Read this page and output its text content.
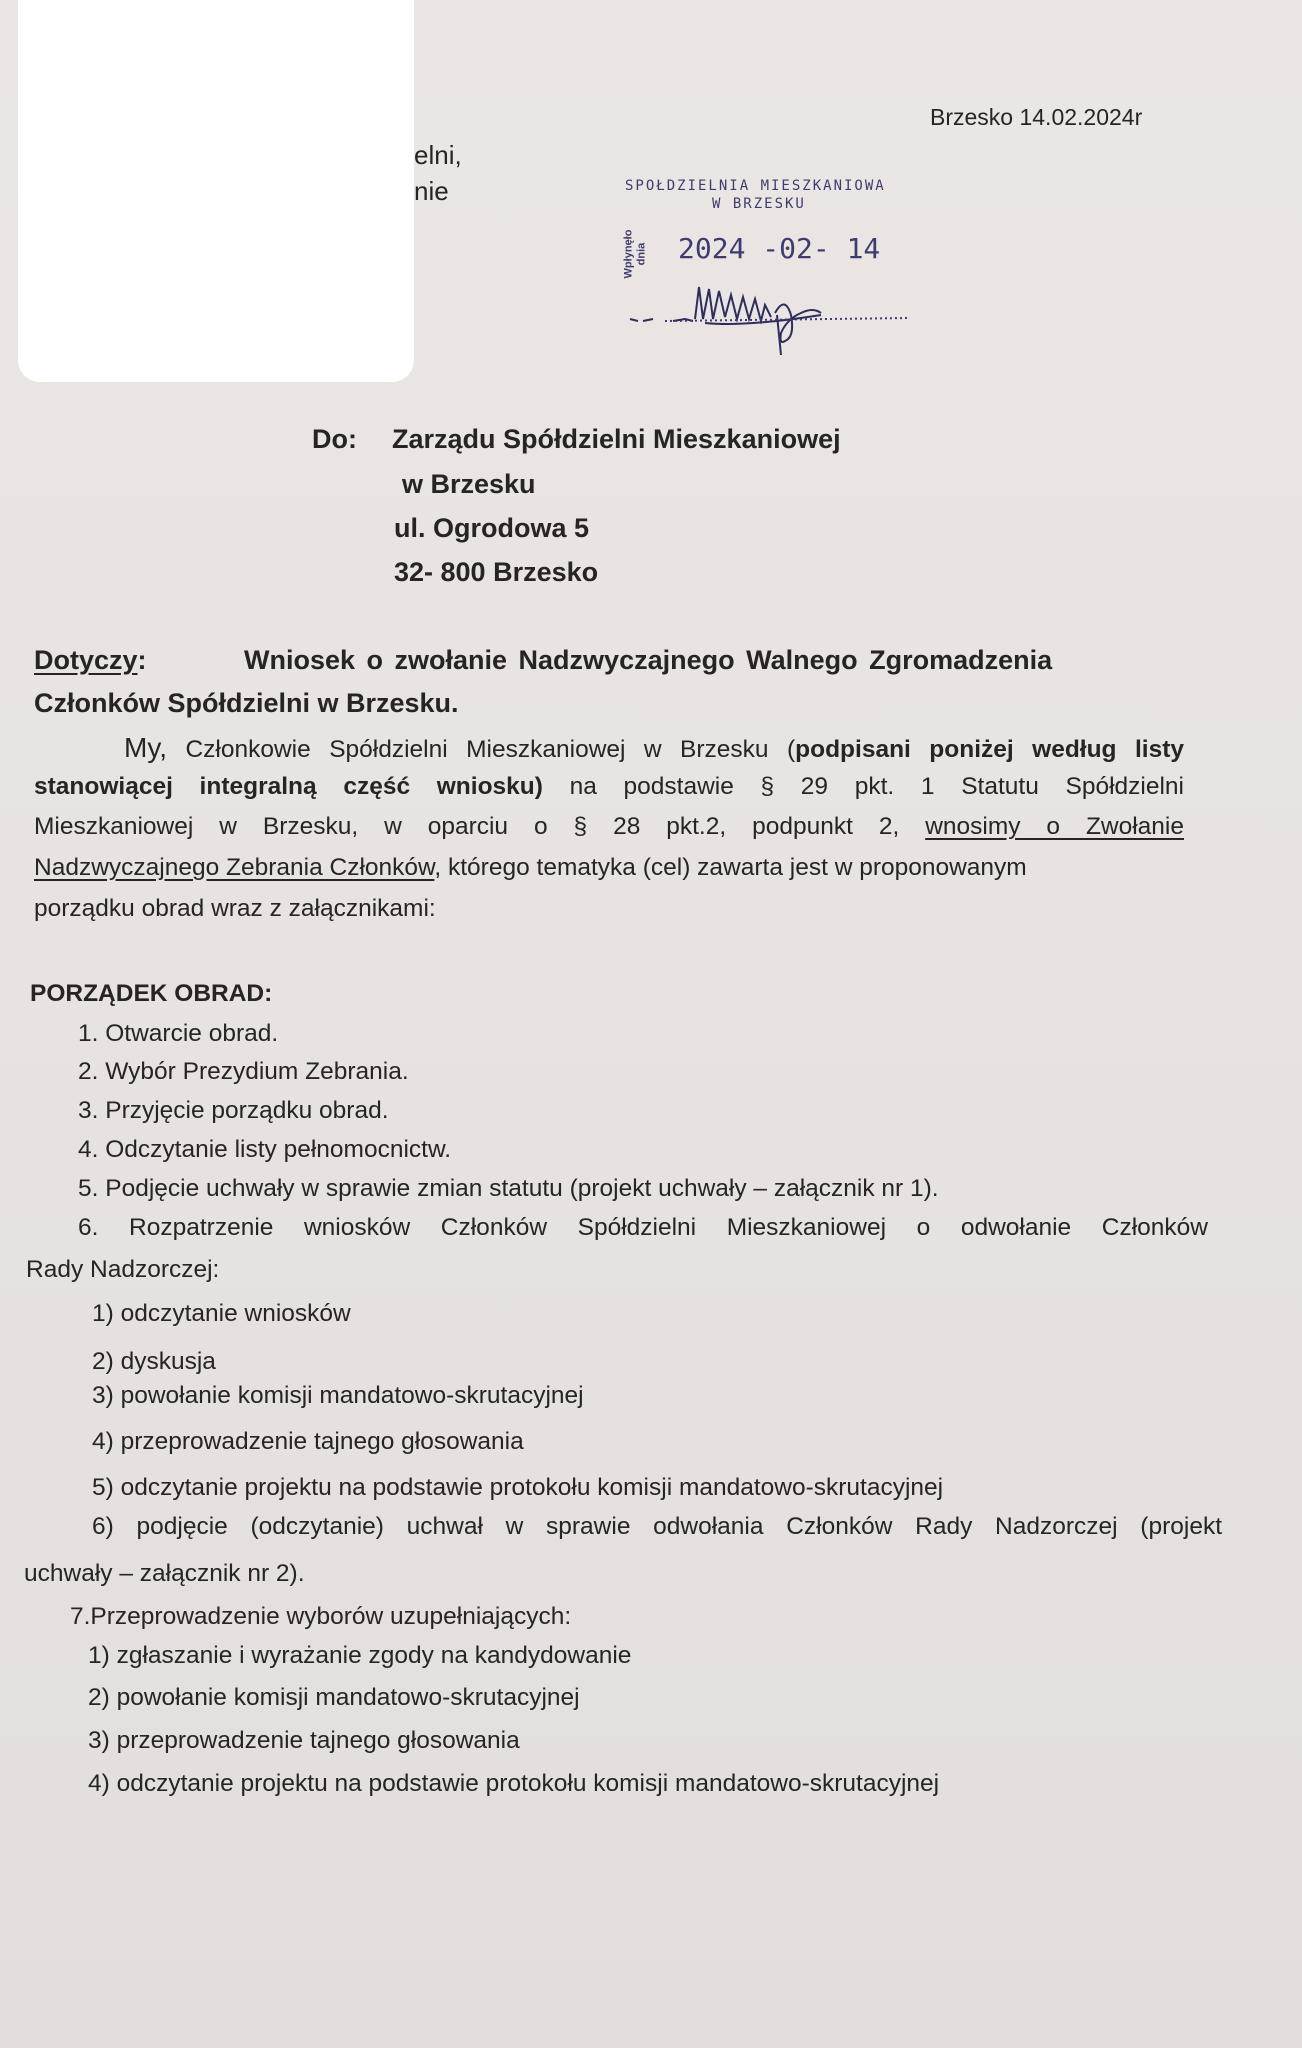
elni,
nie
Brzesko 14.02.2024r
SPOŁDZIELNIA MIESZKANIOWA
W BRZESKU
Wpłynęło dnia 2024 -02- 14
Do: Zarządu Spółdzielni Mieszkaniowej
w Brzesku
ul. Ogrodowa 5
32- 800 Brzesko
Dotyczy:	Wniosek o zwołanie Nadzwyczajnego Walnego Zgromadzenia
Członków Spółdzielni w Brzesku.
My, Członkowie Spółdzielni Mieszkaniowej w Brzesku (podpisani poniżej według listy
stanowiącej integralną część wniosku) na podstawie § 29 pkt. 1 Statutu Spółdzielni
Mieszkaniowej w Brzesku, w oparciu o § 28 pkt.2, podpunkt 2, wnosimy o Zwołanie
Nadzwyczajnego Zebrania Członków, którego tematyka (cel) zawarta jest w proponowanym
porządku obrad wraz z załącznikami:
PORZĄDEK OBRAD:
1. Otwarcie obrad.
2. Wybór Prezydium Zebrania.
3. Przyjęcie porządku obrad.
4. Odczytanie listy pełnomocnictw.
5. Podjęcie uchwały w sprawie zmian statutu (projekt uchwały – załącznik nr 1).
6. Rozpatrzenie wniosków Członków Spółdzielni Mieszkaniowej o odwołanie Członków
Rady Nadzorczej:
1) odczytanie wniosków
2) dyskusja
3) powołanie komisji mandatowo-skrutacyjnej
4) przeprowadzenie tajnego głosowania
5) odczytanie projektu na podstawie protokołu komisji mandatowo-skrutacyjnej
6) podjęcie (odczytanie) uchwał w sprawie odwołania Członków Rady Nadzorczej (projekt
uchwały – załącznik nr 2).
7.Przeprowadzenie wyborów uzupełniających:
1) zgłaszanie i wyrażanie zgody na kandydowanie
2) powołanie komisji mandatowo-skrutacyjnej
3) przeprowadzenie tajnego głosowania
4) odczytanie projektu na podstawie protokołu komisji mandatowo-skrutacyjnej
